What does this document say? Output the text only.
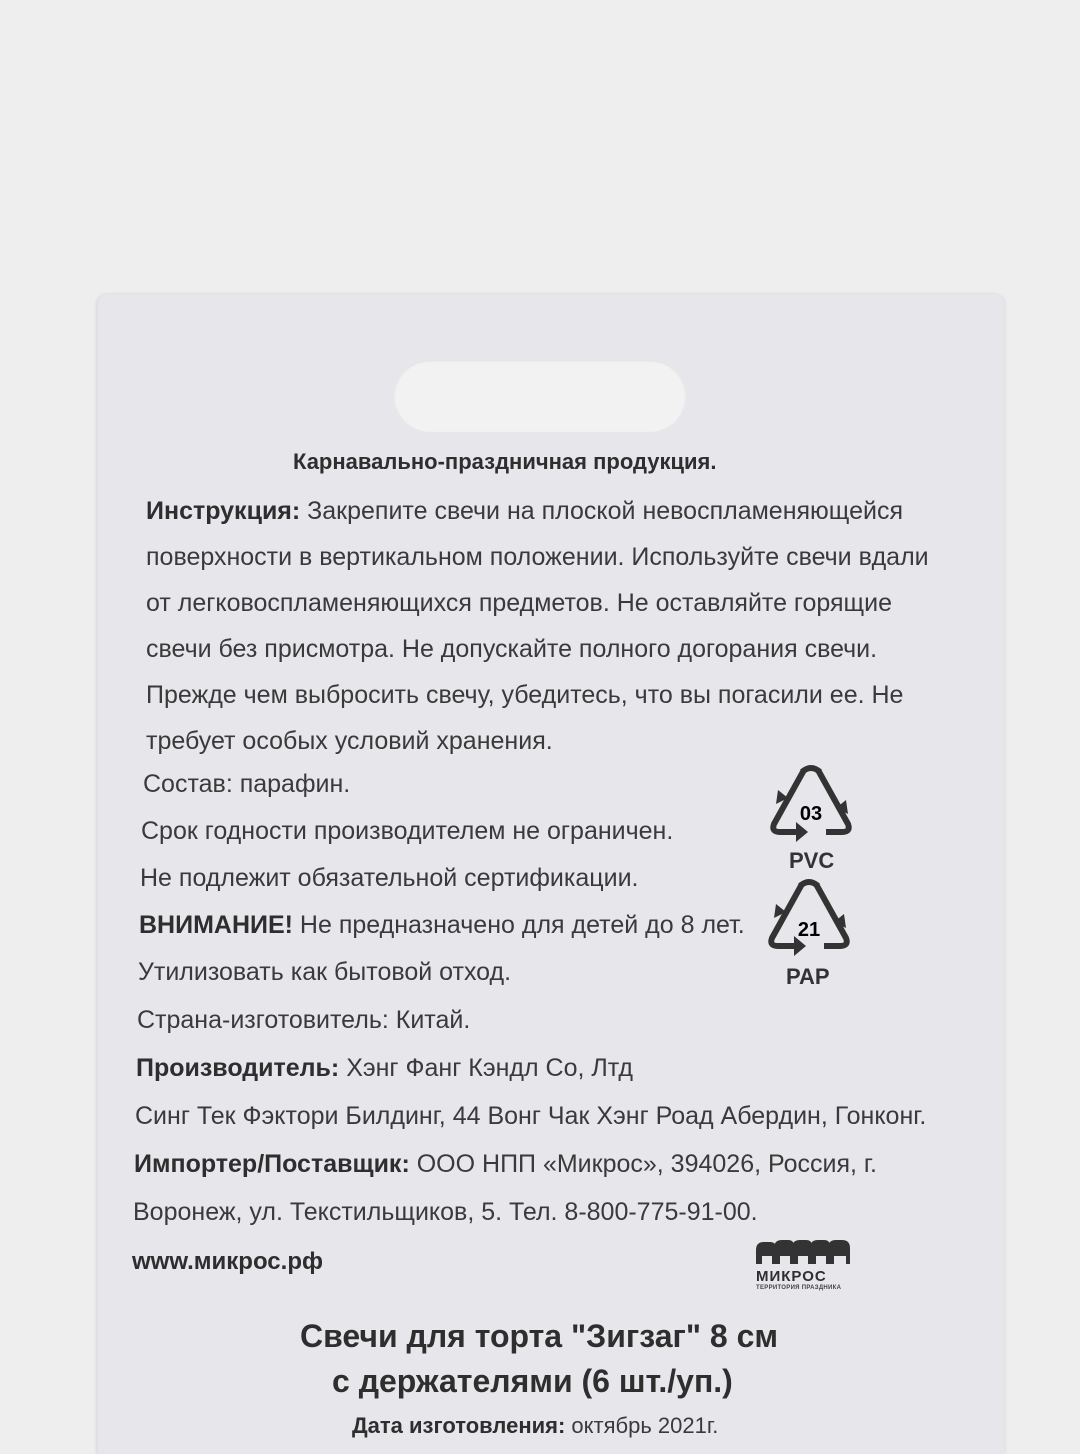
Карнавально-праздничная продукция.
Инструкция: Закрепите свечи на плоской невоспламеняющейся поверхности в вертикальном положении. Используйте свечи вдали от легковоспламеняющихся предметов. Не оставляйте горящие свечи без присмотра. Не допускайте полного догорания свечи. Прежде чем выбросить свечу, убедитесь, что вы погасили ее. Не требует особых условий хранения.
Состав: парафин.
Срок годности производителем не ограничен.
Не подлежит обязательной сертификации.
ВНИМАНИЕ! Не предназначено для детей до 8 лет.
Утилизовать как бытовой отход.
Страна-изготовитель: Китай.
Производитель: Хэнг Фанг Кэндл Со, Лтд
Синг Тек Фэктори Билдинг, 44 Вонг Чак Хэнг Роад Абердин, Гонконг.
Импортер/Поставщик: ООО НПП «Микрос», 394026, Россия, г.
Воронеж, ул. Текстильщиков, 5. Тел. 8-800-775-91-00.
www.микрос.рф
03
PVC
21
PAP
МИКРОС
ТЕРРИТОРИЯ ПРАЗДНИКА
Свечи для торта "Зигзаг" 8 см
с держателями (6 шт./уп.)
Дата изготовления: октябрь 2021г.
